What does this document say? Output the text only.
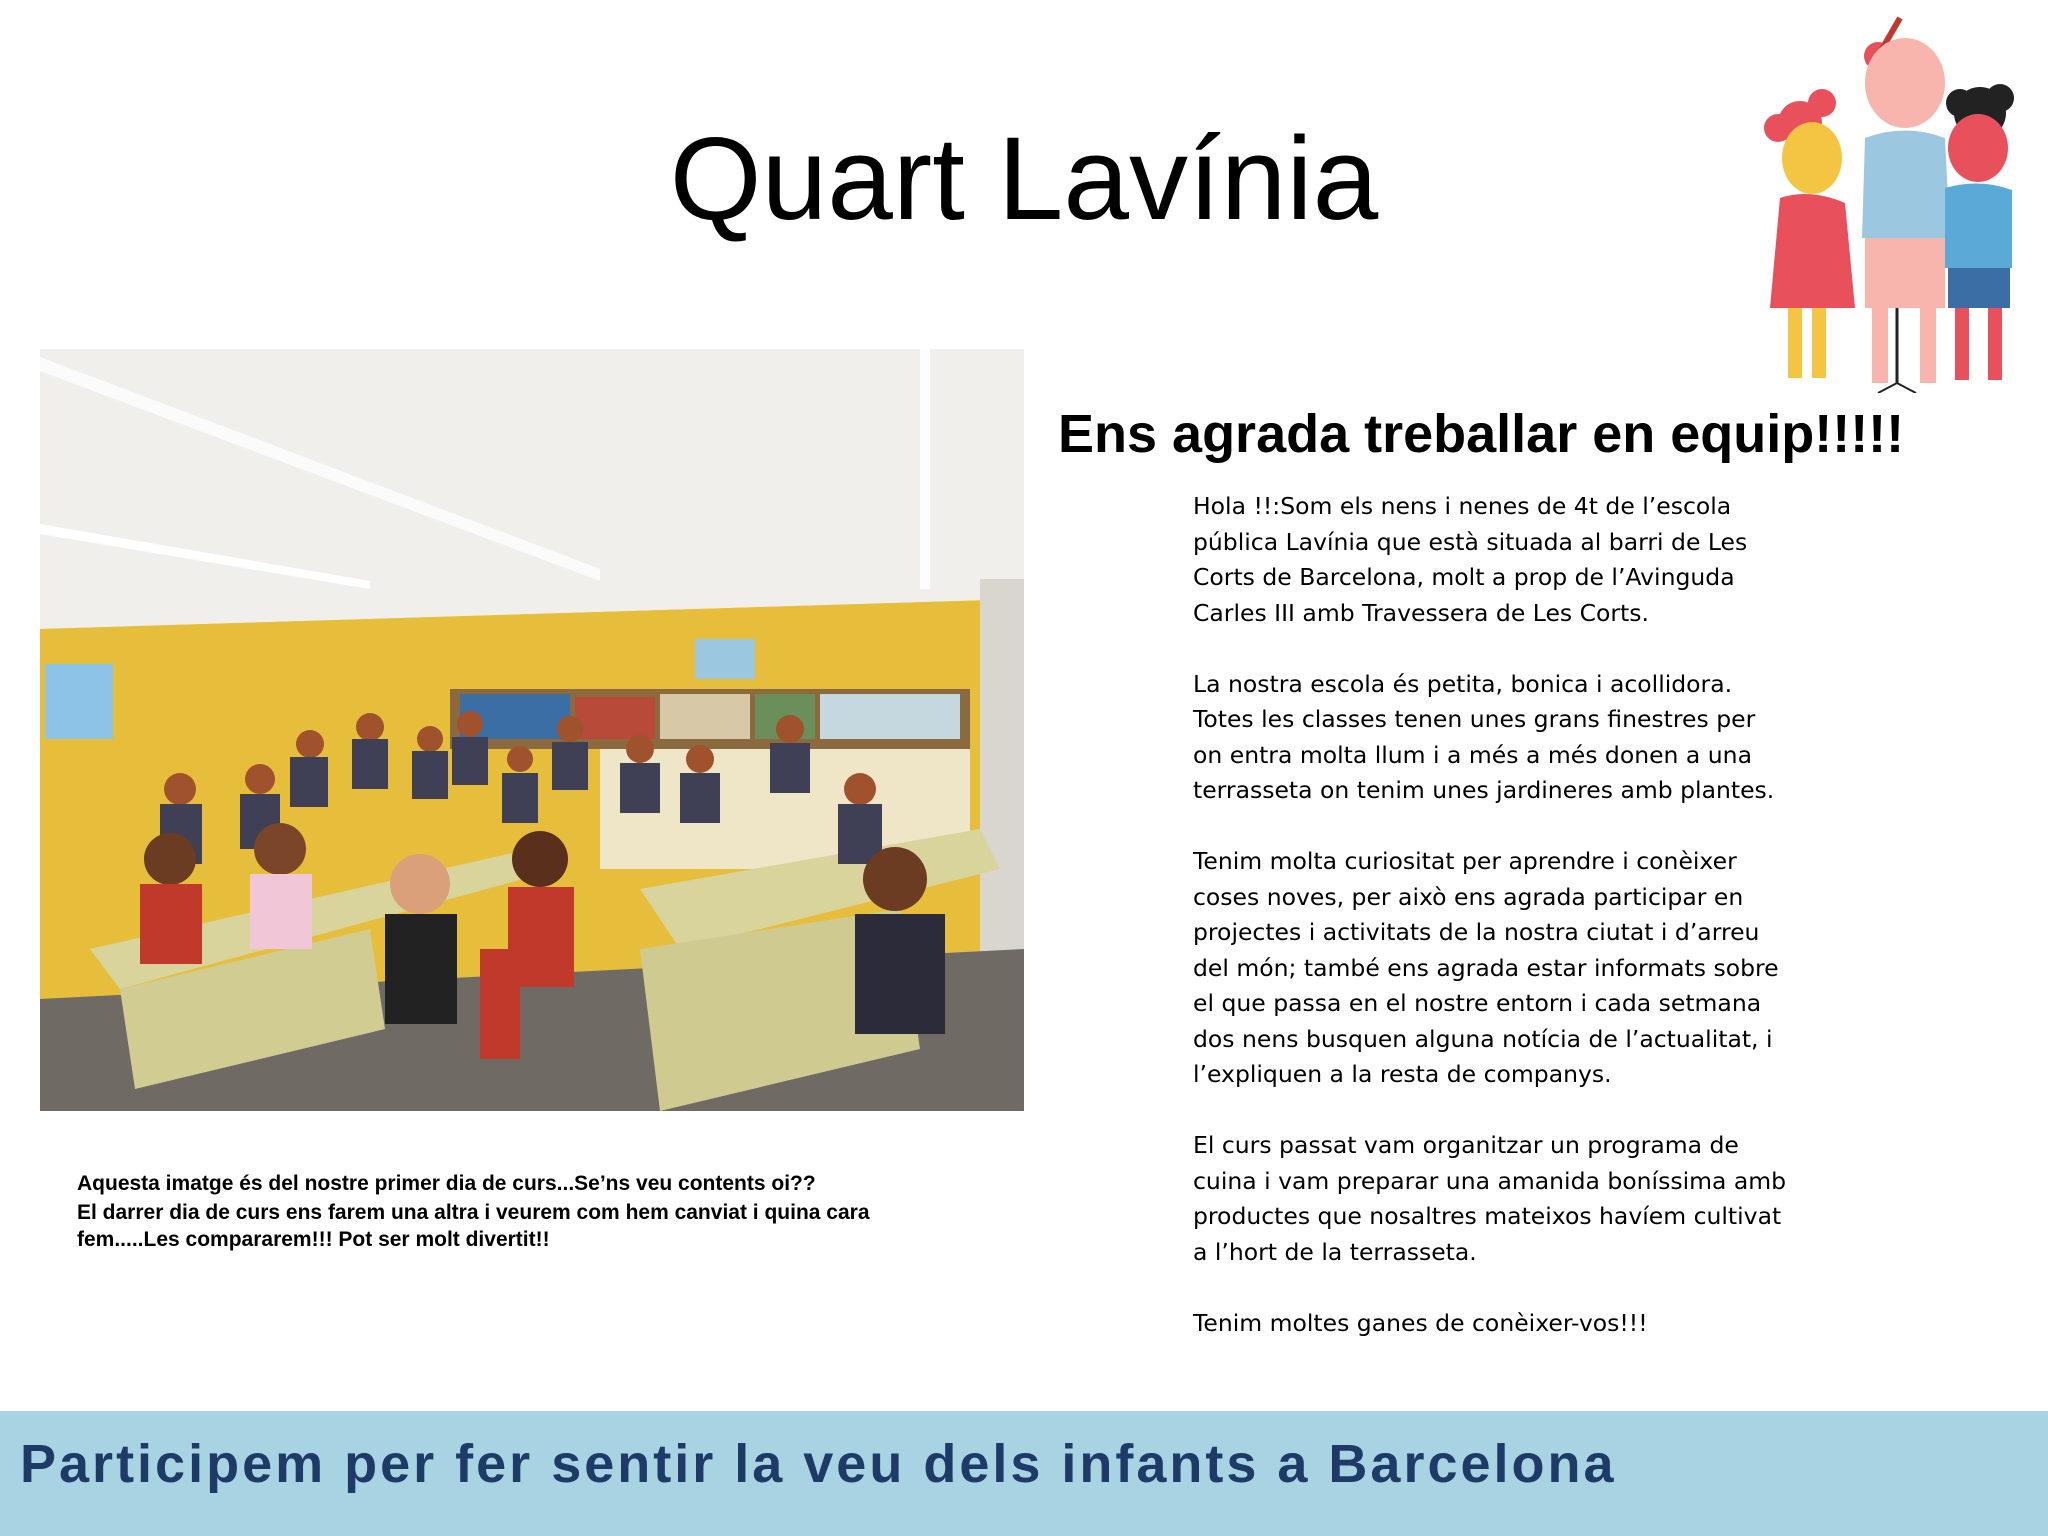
Quart Lavínia

Aquesta imatge és del nostre primer dia de curs...Se’ns veu contents oi??

El darrer dia de curs ens farem una altra i veurem com hem canviat i quina cara fem.....Les compararem!!! Pot ser molt divertit!!

Ens agrada treballar en equip!!!!!

Hola !!:Som els nens i nenes de 4t de l’escola
pública Lavínia que està situada al barri de Les
Corts de Barcelona, molt a prop de l’Avinguda
Carles III amb Travessera de Les Corts.

La nostra escola és petita, bonica i acollidora.
Totes les classes tenen unes grans finestres per
on entra molta llum i a més a més donen a una
terrasseta on tenim unes jardineres amb plantes.

Tenim molta curiositat per aprendre i conèixer
coses noves, per això ens agrada participar en
projectes i activitats de la nostra ciutat i d’arreu
del món; també ens agrada estar informats sobre
el que passa en el nostre entorn i cada setmana
dos nens busquen alguna notícia de l’actualitat, i
l’expliquen a la resta de companys.

El curs passat vam organitzar un programa de
cuina i vam preparar una amanida boníssima amb
productes que nosaltres mateixos havíem cultivat
a l’hort de la terrasseta.

Tenim moltes ganes de conèixer-vos!!!

Participem per fer sentir la veu dels infants a Barcelona
